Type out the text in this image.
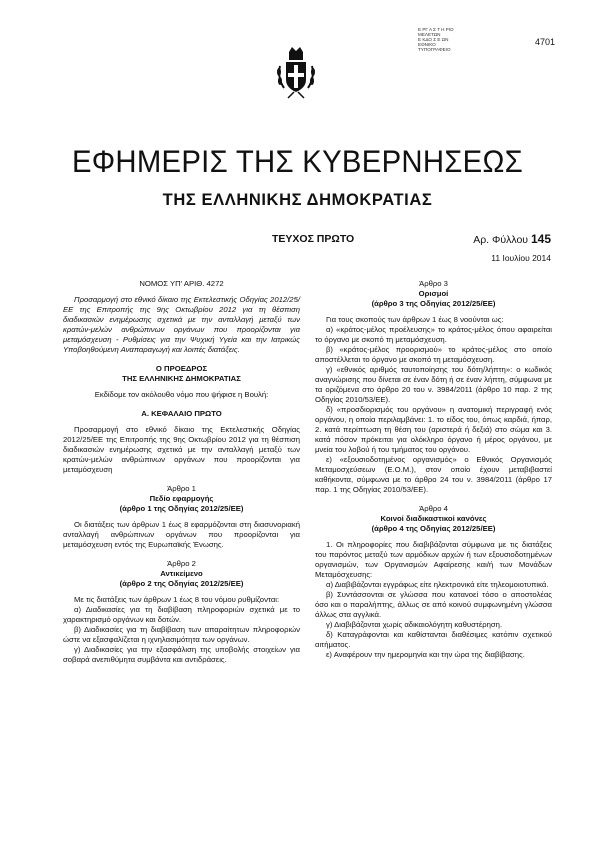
Ε ΡΓ Α Σ Τ Η ΡΙΟ
ΜΕΛΕΤΩΝ
Ε ΚΔΟ Σ Ε ΩΝ
ΕΘΝΙΚΟ
ΤΥΠΟΓΡΑΦΕΙΟ
4701
ΕΦΗΜΕΡΙΣ ΤΗΣ ΚΥΒΕΡΝΗΣΕΩΣ
ΤΗΣ ΕΛΛΗΝΙΚΗΣ ΔΗΜΟΚΡΑΤΙΑΣ
ΤΕΥΧΟΣ ΠΡΩΤΟ	Αρ. Φύλλου 145
11 Ιουλίου 2014

ΝΟΜΟΣ ΥΠ' ΑΡΙΘ. 4272

Προσαρμογή στο εθνικό δίκαιο της Εκτελεστικής Οδηγίας 2012/25/ΕΕ της Επιτροπής της 9ης Οκτωβρίου 2012 για τη θέσπιση διαδικασιών ενημέρωσης σχετικά με την ανταλλαγή μεταξύ των κρατών-μελών ανθρώπινων οργάνων που προορίζονται για μεταμόσχευση - Ρυθμίσεις για την Ψυχική Υγεία και την Ιατρικώς Υποβοηθούμενη Αναπαραγωγή και λοιπές διατάξεις.

Ο ΠΡΟΕΔΡΟΣ

ΤΗΣ ΕΛΛΗΝΙΚΗΣ ΔΗΜΟΚΡΑΤΙΑΣ

Εκδίδομε τον ακόλουθο νόμο που ψήφισε η Βουλή:

Α. ΚΕΦΑΛΑΙΟ ΠΡΩΤΟ

Προσαρμογή στο εθνικό δίκαιο της Εκτελεστικής Οδηγίας 2012/25/ΕΕ της Επιτροπής της 9ης Οκτωβρίου 2012 για τη θέσπιση διαδικασιών ενημέρωσης σχετικά με την ανταλλαγή μεταξύ των κρατών-μελών ανθρώπινων οργάνων που προορίζονται για μεταμόσχευση

Άρθρο 1

Πεδίο εφαρμογής

(άρθρο 1 της Οδηγίας 2012/25/ΕΕ)

Οι διατάξεις των άρθρων 1 έως 8 εφαρμόζονται στη διασυνοριακή ανταλλαγή ανθρώπινων οργάνων που προορίζονται για μεταμόσχευση εντός της Ευρωπαϊκής Ένωσης.

Άρθρο 2

Αντικείμενο

(άρθρο 2 της Οδηγίας 2012/25/ΕΕ)

Με τις διατάξεις των άρθρων 1 έως 8 του νόμου ρυθμίζονται:

α) Διαδικασίες για τη διαβίβαση πληροφοριών σχετικά με το χαρακτηρισμό οργάνων και δοτών.

β) Διαδικασίες για τη διαβίβαση των απαραίτητων πληροφοριών ώστε να εξασφαλίζεται η ιχνηλασιμότητα των οργάνων.

γ) Διαδικασίες για την εξασφάλιση της υποβολής στοιχείων για σοβαρά ανεπιθύμητα συμβάντα και αντιδράσεις.

Άρθρο 3

Ορισμοί

(άρθρο 3 της Οδηγίας 2012/25/ΕΕ)

Για τους σκοπούς των άρθρων 1 έως 8 νοούνται ως:

α) «κράτος-μέλος προέλευσης» το κράτος-μέλος όπου αφαιρείται το όργανο με σκοπό τη μεταμόσχευση.

β) «κράτος-μέλος προορισμού» το κράτος-μέλος στο οποίο αποστέλλεται το όργανο με σκοπό τη μεταμόσχευση.

γ) «εθνικός αριθμός ταυτοποίησης του δότη/λήπτη»: ο κωδικός αναγνώρισης που δίνεται σε έναν δότη ή σε έναν λήπτη, σύμφωνα με τα οριζόμενα στο άρθρο 20 του ν. 3984/2011 (άρθρο 10 παρ. 2 της Οδηγίας 2010/53/ΕΕ).

δ) «προσδιορισμός του οργάνου» η ανατομική περιγραφή ενός οργάνου, η οποία περιλαμβάνει: 1. το είδος του, όπως καρδιά, ήπαρ, 2. κατά περίπτωση τη θέση του (αριστερά ή δεξιά) στο σώμα και 3. κατά πόσον πρόκειται για ολόκληρο όργανο ή μέρος οργάνου, με μνεία του λοβού ή του τμήματος του οργάνου.

ε) «εξουσιοδοτημένος οργανισμός» ο Εθνικός Οργανισμός Μεταμοσχεύσεων (Ε.Ο.Μ.), στον οποίο έχουν μεταβιβαστεί καθήκοντα, σύμφωνα με το άρθρο 24 του ν. 3984/2011 (άρθρο 17 παρ. 1 της Οδηγίας 2010/53/ΕΕ).

Άρθρο 4

Κοινοί διαδικαστικοί κανόνες

(άρθρο 4 της Οδηγίας 2012/25/ΕΕ)

1. Οι πληροφορίες που διαβιβάζονται σύμφωνα με τις διατάξεις του παρόντος μεταξύ των αρμόδιων αρχών ή των εξουσιοδοτημένων οργανισμών, των Οργανισμών Αφαίρεσης και/ή των Μονάδων Μεταμόσχευσης:

α) Διαβιβάζονται εγγράφως είτε ηλεκτρονικά είτε τηλεομοιοτυπικά.

β) Συντάσσονται σε γλώσσα που κατανοεί τόσο ο αποστολέας όσο και ο παραλήπτης, άλλως σε από κοινού συμφωνημένη γλώσσα άλλως στα αγγλικά.

γ) Διαβιβάζονται χωρίς αδικαιολόγητη καθυστέρηση.

δ) Καταγράφονται και καθίστανται διαθέσιμες κατόπιν σχετικού αιτήματος.

ε) Αναφέρουν την ημερομηνία και την ώρα της διαβίβασης.
